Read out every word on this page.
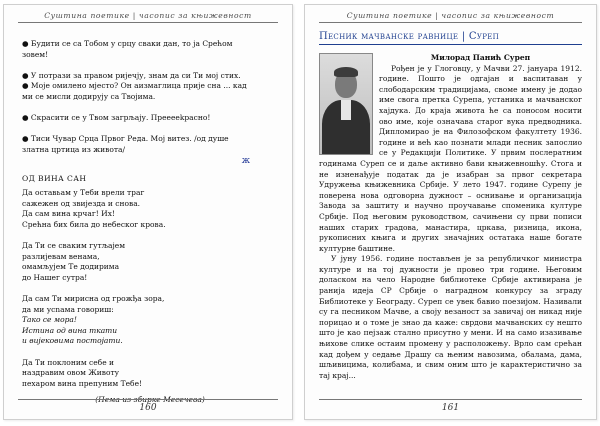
Суштина поетике | часопис за књижевност

● Будити се са Тобом у срцу сваки дан, то ја Срећом

зовем!

● У потрази за правом ријечју, знам да си Ти мој стих.

● Моје омилено мјесто? Он аизмаглица прије сна ... кад

ми се мисли додирују са Твојима.

● Скрасити се у Твом загрљају. Пpeeeekpacнo!

● Тиси Чувар Срца Првог Реда. Мој витез. /од душе

златна цртица из живота/

ж
ОД ВИНА САН

Да оставьам у Теби врели траг

сажежен од звијезда и снова.

Да сам вина крчаг! Их!

Срећна бих била до небеског крова.

Да Ти се сваким гутљајем

разлијевам венама,

омамљујем Те додиpима

до Нашег сутра!

Да сам Ти мирисна од грожђа зора,

да ми усnaмa говориш:

Тако се мора!

Истина од вина ткати

и вијековима постојати.

Да Ти поклоним себе и

наздравим овом Животу

пехаром вина препуним Тебе!

(Пема из збирке Месечева)
160
Суштина поетике | часопис за књижевност
Песник мачванске равнице | Суреп

Милорад Панић Сурeп

Рођен је у Глоговцу, у Мачви 27. јануара 1912. године. Пошто је одгајан и васпитаван у слободарским традицијама, своме имену је додао име свога претка Сурепа, устаника и мачванског хајдука. До краја живота ће са поносом носити ово име, које означава старог вука предводника. Дипломирао је на Филозофском факултету 1936. године и већ као познати млади песник запослио се у Редакцији Политике. У првим послератним годинама Сурeп се и даље активно бави књижевношћу. Стога и не изненађује податак да је изабран за првог секретара Удружења књижевника Србије. У лето 1947. године Сурeпу је поверена нова одговорна дужност – оснивање и организација Завода за заштиту и научно проучавање споменика културе Србије. Под његовим руководством, сачињени су први пописи наших старих градова, манастира, цркава, ризница, икона, рукописних књига и других значајних остатака наше богате културне баштине.

У јуну 1956. године постављен је за републичког министра културе и на тој дужности је провео три године. Његовим доласком на чело Народне библиотеке Србије активирана је ранија идеја СР Србије о наградном конкурсу за зграду Библиотеке у Београду. Сурeп се увек бавио поезијом. Називали су га песником Мачве, а своју везаност за завичај он никад није порицао и о томе је знао да каже: сврдови мачванских су нешто што је као пејзаж стално присутно у мени. И на само изазивање њихове слике остаим промену у расположењу. Врло сам срећан кад дођем у седање Драшу са њеним навозима, обалама, дамa, шљивицима, колибама, и свим оним што је карактеристично за тај крај...

161
